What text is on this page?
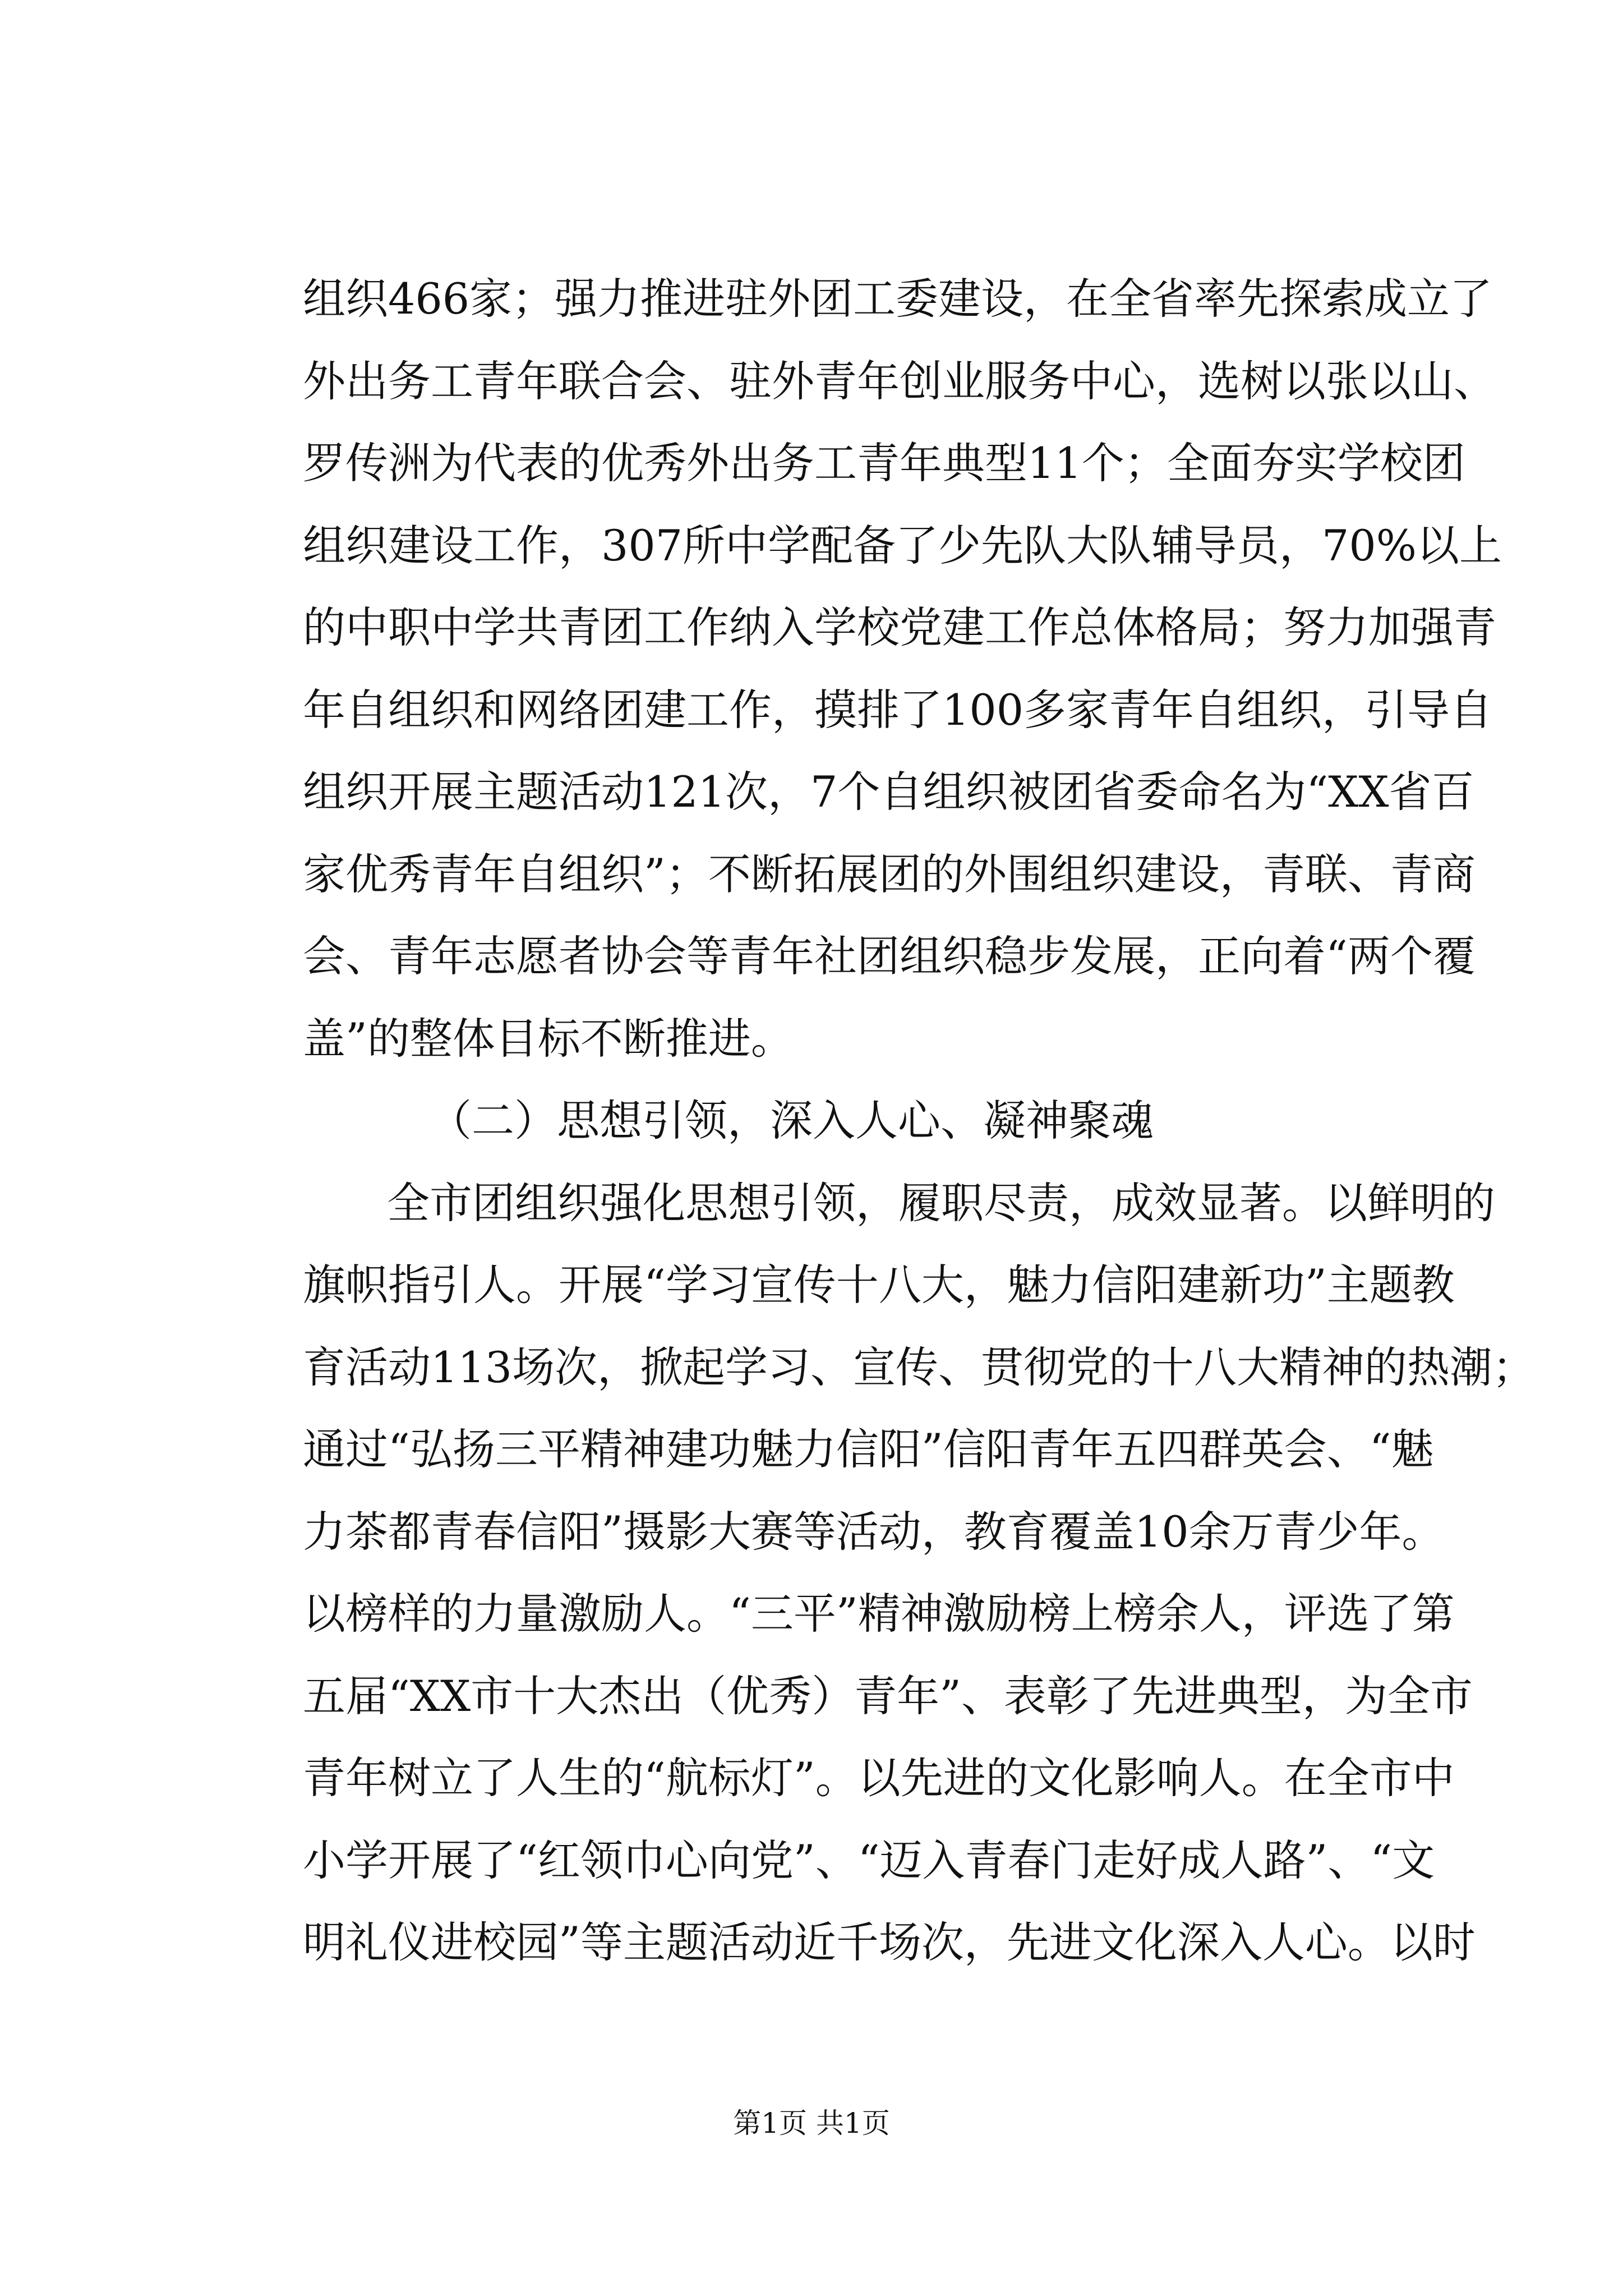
组织466家；强力推进驻外团工委建设，在全省率先探索成立了
外出务工青年联合会、驻外青年创业服务中心，选树以张以山、
罗传洲为代表的优秀外出务工青年典型11个；全面夯实学校团
组织建设工作，307所中学配备了少先队大队辅导员，70%以上
的中职中学共青团工作纳入学校党建工作总体格局；努力加强青
年自组织和网络团建工作，摸排了100多家青年自组织，引导自
组织开展主题活动121次，7个自组织被团省委命名为“XX省百
家优秀青年自组织”；不断拓展团的外围组织建设，青联、青商
会、青年志愿者协会等青年社团组织稳步发展，正向着“两个覆
盖”的整体目标不断推进。
（二）思想引领，深入人心、凝神聚魂
全市团组织强化思想引领，履职尽责，成效显著。以鲜明的
旗帜指引人。开展“学习宣传十八大，魅力信阳建新功”主题教
育活动113场次，掀起学习、宣传、贯彻党的十八大精神的热潮；
通过“弘扬三平精神建功魅力信阳”信阳青年五四群英会、“魅
力茶都青春信阳”摄影大赛等活动，教育覆盖10余万青少年。
以榜样的力量激励人。“三平”精神激励榜上榜余人，评选了第
五届“XX市十大杰出（优秀）青年”、表彰了先进典型，为全市
青年树立了人生的“航标灯”。以先进的文化影响人。在全市中
小学开展了“红领巾心向党”、“迈入青春门走好成人路”、“文
明礼仪进校园”等主题活动近千场次，先进文化深入人心。以时
第1页 共1页
